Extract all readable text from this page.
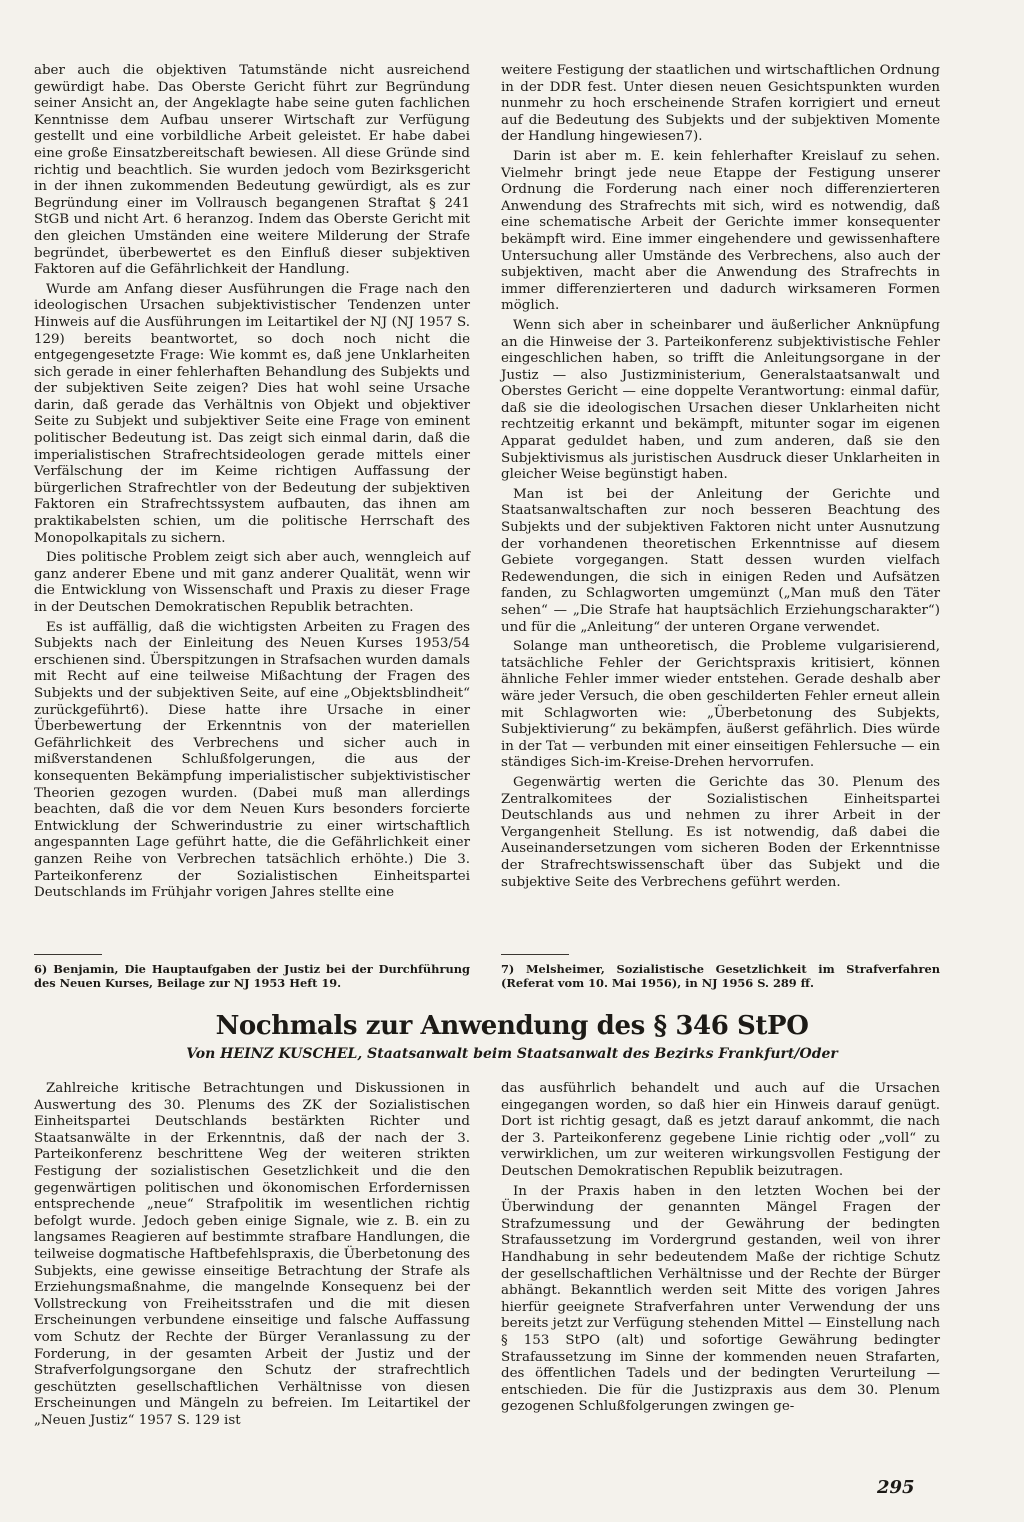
aber auch die objektiven Tatumstände nicht ausreichend gewürdigt habe. Das Oberste Gericht führt zur Begründung seiner Ansicht an, der Angeklagte habe seine guten fachlichen Kenntnisse dem Aufbau unserer Wirtschaft zur Verfügung gestellt und eine vorbildliche Arbeit geleistet. Er habe dabei eine große Einsatzbereitschaft bewiesen. All diese Gründe sind richtig und beachtlich. Sie wurden jedoch vom Bezirksgericht in der ihnen zukommenden Bedeutung gewürdigt, als es zur Begründung einer im Vollrausch begangenen Straftat § 241 StGB und nicht Art. 6 heranzog. Indem das Oberste Gericht mit den gleichen Umständen eine weitere Milderung der Strafe begründet, überbewertet es den Einfluß dieser subjektiven Faktoren auf die Gefährlichkeit der Handlung.

Wurde am Anfang dieser Ausführungen die Frage nach den ideologischen Ursachen subjektivistischer Tendenzen unter Hinweis auf die Ausführungen im Leitartikel der NJ (NJ 1957 S. 129) bereits beantwortet, so doch noch nicht die entgegengesetzte Frage: Wie kommt es, daß jene Unklarheiten sich gerade in einer fehlerhaften Behandlung des Subjekts und der subjektiven Seite zeigen? Dies hat wohl seine Ursache darin, daß gerade das Verhältnis von Objekt und objektiver Seite zu Subjekt und subjektiver Seite eine Frage von eminent politischer Bedeutung ist. Das zeigt sich einmal darin, daß die imperialistischen Strafrechtsideologen gerade mittels einer Verfälschung der im Keime richtigen Auffassung der bürgerlichen Strafrechtler von der Bedeutung der subjektiven Faktoren ein Strafrechtssystem aufbauten, das ihnen am praktikabelsten schien, um die politische Herrschaft des Monopolkapitals zu sichern.

Dies politische Problem zeigt sich aber auch, wenngleich auf ganz anderer Ebene und mit ganz anderer Qualität, wenn wir die Entwicklung von Wissenschaft und Praxis zu dieser Frage in der Deutschen Demokratischen Republik betrachten.

Es ist auffällig, daß die wichtigsten Arbeiten zu Fragen des Subjekts nach der Einleitung des Neuen Kurses 1953/54 erschienen sind. Überspitzungen in Strafsachen wurden damals mit Recht auf eine teilweise Mißachtung der Fragen des Subjekts und der subjektiven Seite, auf eine „Objektsblindheit“ zurückgeführt6). Diese hatte ihre Ursache in einer Überbewertung der Erkenntnis von der materiellen Gefährlichkeit des Verbrechens und sicher auch in mißverstandenen Schlußfolgerungen, die aus der konsequenten Bekämpfung imperialistischer subjektivistischer Theorien gezogen wurden. (Dabei muß man allerdings beachten, daß die vor dem Neuen Kurs besonders forcierte Entwicklung der Schwerindustrie zu einer wirtschaftlich angespannten Lage geführt hatte, die die Gefährlichkeit einer ganzen Reihe von Verbrechen tatsächlich erhöhte.) Die 3. Parteikonferenz der Sozialistischen Einheitspartei Deutschlands im Frühjahr vorigen Jahres stellte eine

weitere Festigung der staatlichen und wirtschaftlichen Ordnung in der DDR fest. Unter diesen neuen Gesichtspunkten wurden nunmehr zu hoch erscheinende Strafen korrigiert und erneut auf die Bedeutung des Subjekts und der subjektiven Momente der Handlung hingewiesen7).

Darin ist aber m. E. kein fehlerhafter Kreislauf zu sehen. Vielmehr bringt jede neue Etappe der Festigung unserer Ordnung die Forderung nach einer noch differenzierteren Anwendung des Strafrechts mit sich, wird es notwendig, daß eine schematische Arbeit der Gerichte immer konsequenter bekämpft wird. Eine immer eingehendere und gewissenhaftere Untersuchung aller Umstände des Verbrechens, also auch der subjektiven, macht aber die Anwendung des Strafrechts in immer differenzierteren und dadurch wirksameren Formen möglich.

Wenn sich aber in scheinbarer und äußerlicher Anknüpfung an die Hinweise der 3. Parteikonferenz subjektivistische Fehler eingeschlichen haben, so trifft die Anleitungsorgane in der Justiz — also Justizministerium, Generalstaatsanwalt und Oberstes Gericht — eine doppelte Verantwortung: einmal dafür, daß sie die ideologischen Ursachen dieser Unklarheiten nicht rechtzeitig erkannt und bekämpft, mitunter sogar im eigenen Apparat geduldet haben, und zum anderen, daß sie den Subjektivismus als juristischen Ausdruck dieser Unklarheiten in gleicher Weise begünstigt haben.

Man ist bei der Anleitung der Gerichte und Staatsanwaltschaften zur noch besseren Beachtung des Subjekts und der subjektiven Faktoren nicht unter Ausnutzung der vorhandenen theoretischen Erkenntnisse auf diesem Gebiete vorgegangen. Statt dessen wurden vielfach Redewendungen, die sich in einigen Reden und Aufsätzen fanden, zu Schlagworten umgemünzt („Man muß den Täter sehen“ — „Die Strafe hat hauptsächlich Erziehungscharakter“) und für die „Anleitung“ der unteren Organe verwendet.

Solange man untheoretisch, die Probleme vulgarisierend, tatsächliche Fehler der Gerichtspraxis kritisiert, können ähnliche Fehler immer wieder entstehen. Gerade deshalb aber wäre jeder Versuch, die oben geschilderten Fehler erneut allein mit Schlagworten wie: „Überbetonung des Subjekts, Subjektivierung“ zu bekämpfen, äußerst gefährlich. Dies würde in der Tat — verbunden mit einer einseitigen Fehlersuche — ein ständiges Sich-im-Kreise-Drehen hervorrufen.

Gegenwärtig werten die Gerichte das 30. Plenum des Zentralkomitees der Sozialistischen Einheitspartei Deutschlands aus und nehmen zu ihrer Arbeit in der Vergangenheit Stellung. Es ist notwendig, daß dabei die Auseinandersetzungen vom sicheren Boden der Erkenntnisse der Strafrechtswissenschaft über das Subjekt und die subjektive Seite des Verbrechens geführt werden.

6) Benjamin, Die Hauptaufgaben der Justiz bei der Durchführung des Neuen Kurses, Beilage zur NJ 1953 Heft 19.
7) Melsheimer, Sozialistische Gesetzlichkeit im Strafverfahren (Referat vom 10. Mai 1956), in NJ 1956 S. 289 ff.
Nochmals zur Anwendung des § 346 StPO
Von HEINZ KUSCHEL, Staatsanwalt beim Staatsanwalt des Bezirks Frankfurt/Oder

Zahlreiche kritische Betrachtungen und Diskussionen in Auswertung des 30. Plenums des ZK der Sozialistischen Einheitspartei Deutschlands bestärkten Richter und Staatsanwälte in der Erkenntnis, daß der nach der 3. Parteikonferenz beschrittene Weg der weiteren strikten Festigung der sozialistischen Gesetzlichkeit und die den gegenwärtigen politischen und ökonomischen Erfordernissen entsprechende „neue“ Strafpolitik im wesentlichen richtig befolgt wurde. Jedoch geben einige Signale, wie z. B. ein zu langsames Reagieren auf bestimmte strafbare Handlungen, die teilweise dogmatische Haftbefehlspraxis, die Überbetonung des Subjekts, eine gewisse einseitige Betrachtung der Strafe als Erziehungsmaßnahme, die mangelnde Konsequenz bei der Vollstreckung von Freiheitsstrafen und die mit diesen Erscheinungen verbundene einseitige und falsche Auffassung vom Schutz der Rechte der Bürger Veranlassung zu der Forderung, in der gesamten Arbeit der Justiz und der Strafverfolgungsorgane den Schutz der strafrechtlich geschützten gesellschaftlichen Verhältnisse von diesen Erscheinungen und Mängeln zu befreien. Im Leitartikel der „Neuen Justiz“ 1957 S. 129 ist

das ausführlich behandelt und auch auf die Ursachen eingegangen worden, so daß hier ein Hinweis darauf genügt. Dort ist richtig gesagt, daß es jetzt darauf ankommt, die nach der 3. Parteikonferenz gegebene Linie richtig oder „voll“ zu verwirklichen, um zur weiteren wirkungsvollen Festigung der Deutschen Demokratischen Republik beizutragen.

In der Praxis haben in den letzten Wochen bei der Überwindung der genannten Mängel Fragen der Strafzumessung und der Gewährung der bedingten Strafaussetzung im Vordergrund gestanden, weil von ihrer Handhabung in sehr bedeutendem Maße der richtige Schutz der gesellschaftlichen Verhältnisse und der Rechte der Bürger abhängt. Bekanntlich werden seit Mitte des vorigen Jahres hierfür geeignete Strafverfahren unter Verwendung der uns bereits jetzt zur Verfügung stehenden Mittel — Einstellung nach § 153 StPO (alt) und sofortige Gewährung bedingter Strafaussetzung im Sinne der kommenden neuen Strafarten, des öffentlichen Tadels und der bedingten Verurteilung — entschieden. Die für die Justizpraxis aus dem 30. Plenum gezogenen Schlußfolgerungen zwingen ge-

295
